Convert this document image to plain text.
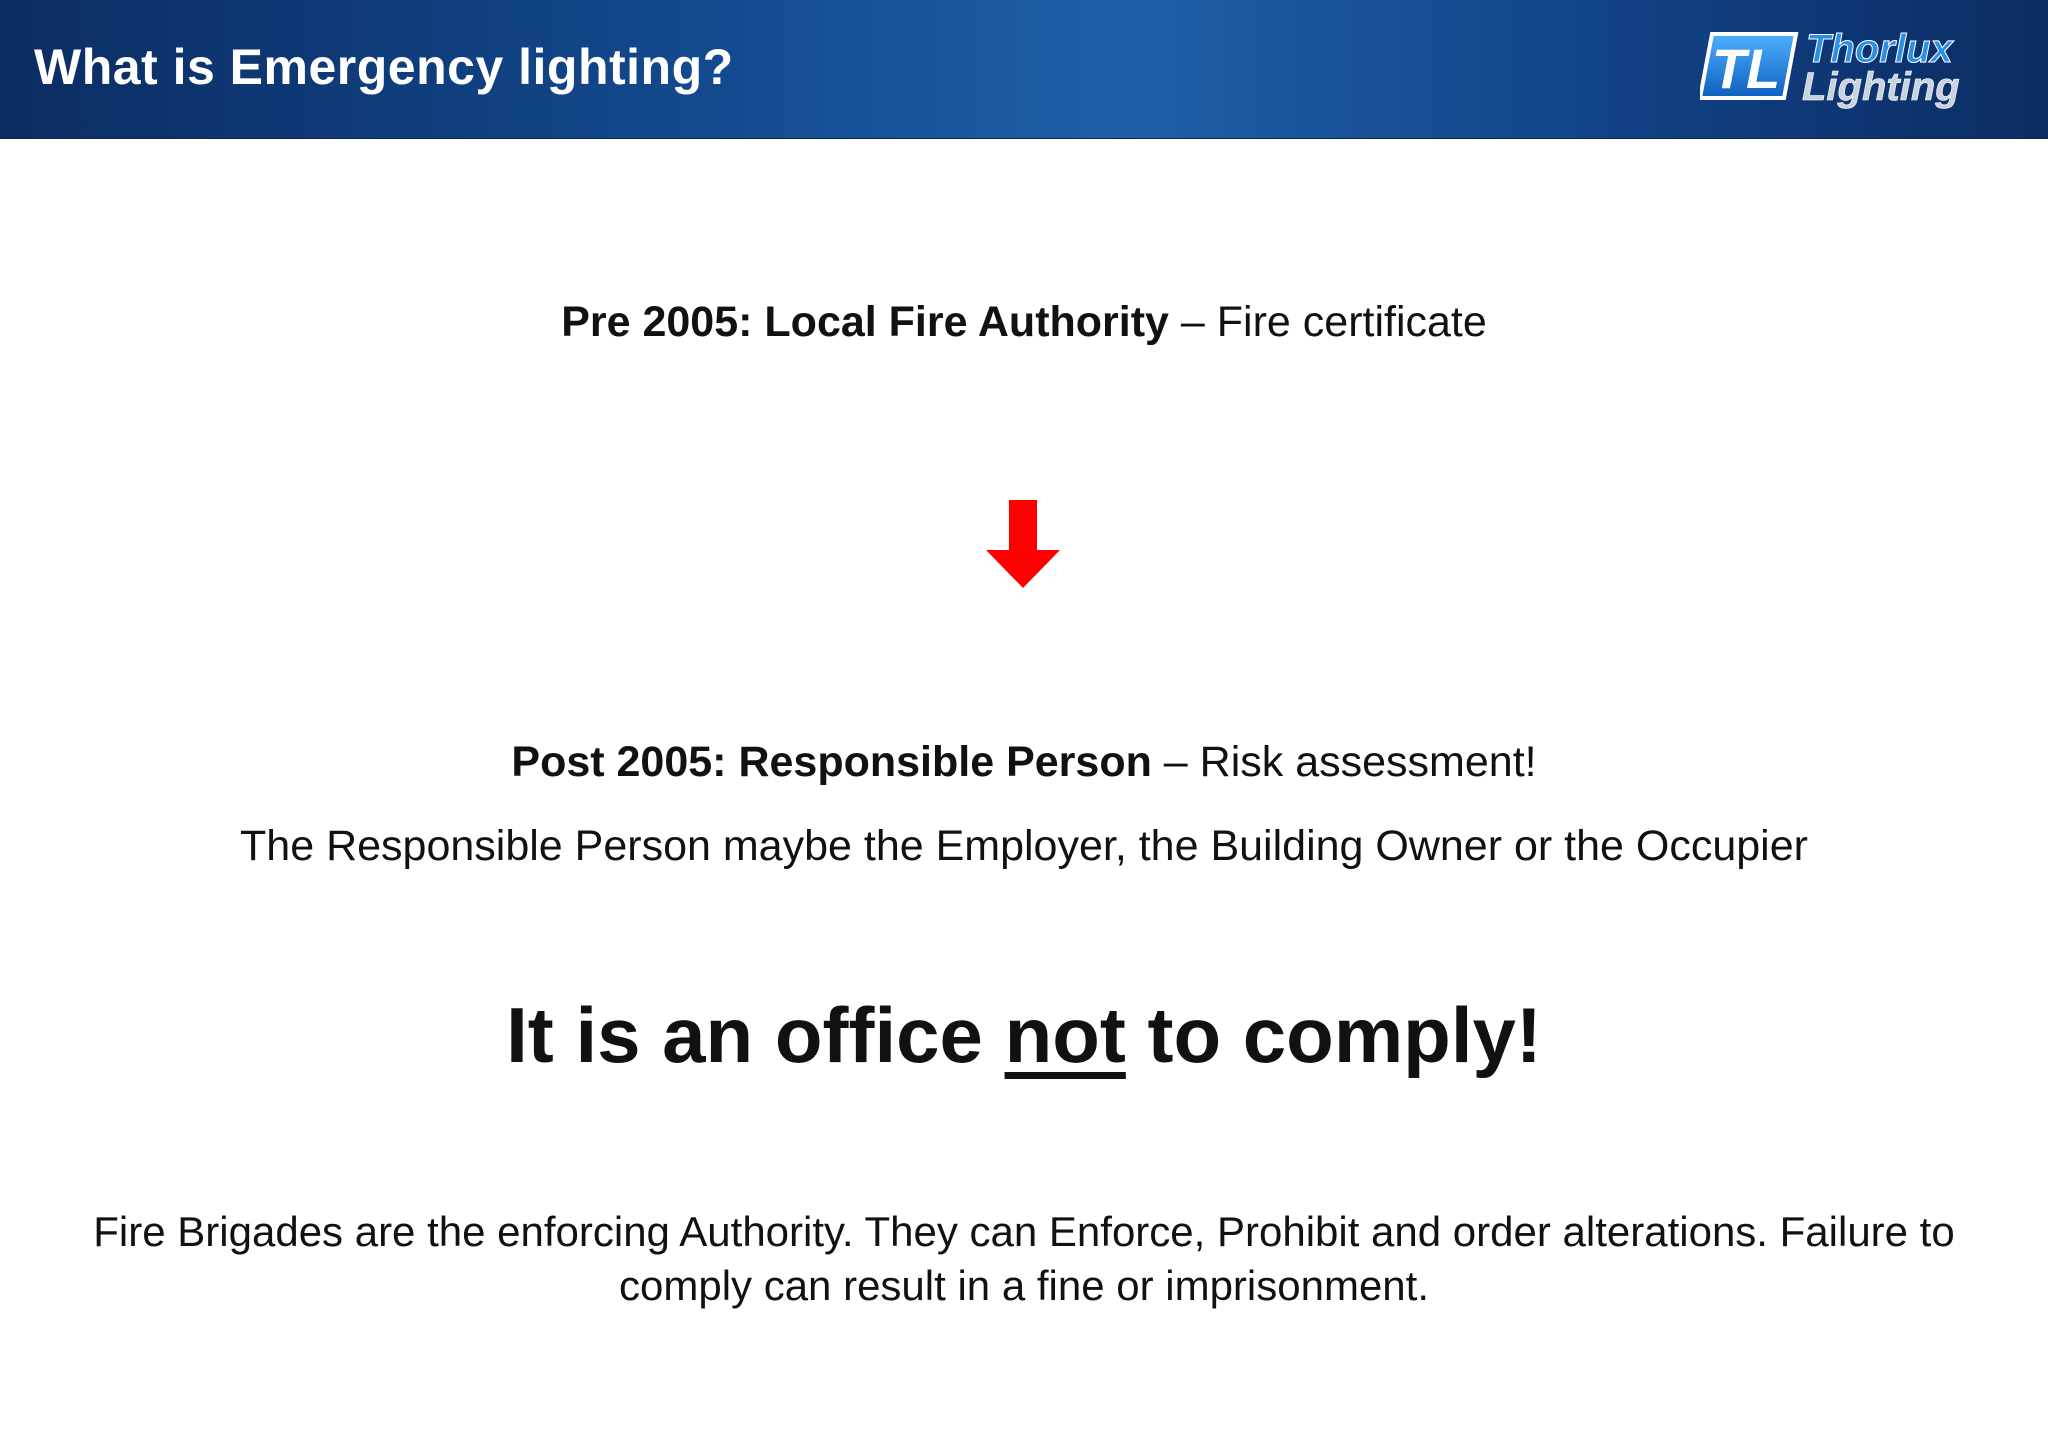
What is Emergency lighting?	TL Thorlux
Lighting
Pre 2005: Local Fire Authority – Fire certificate
Post 2005: Responsible Person – Risk assessment!
The Responsible Person maybe the Employer, the Building Owner or the Occupier
It is an office not to comply!
Fire Brigades are the enforcing Authority. They can Enforce, Prohibit and order alterations. Failure to comply can result in a fine or imprisonment.
